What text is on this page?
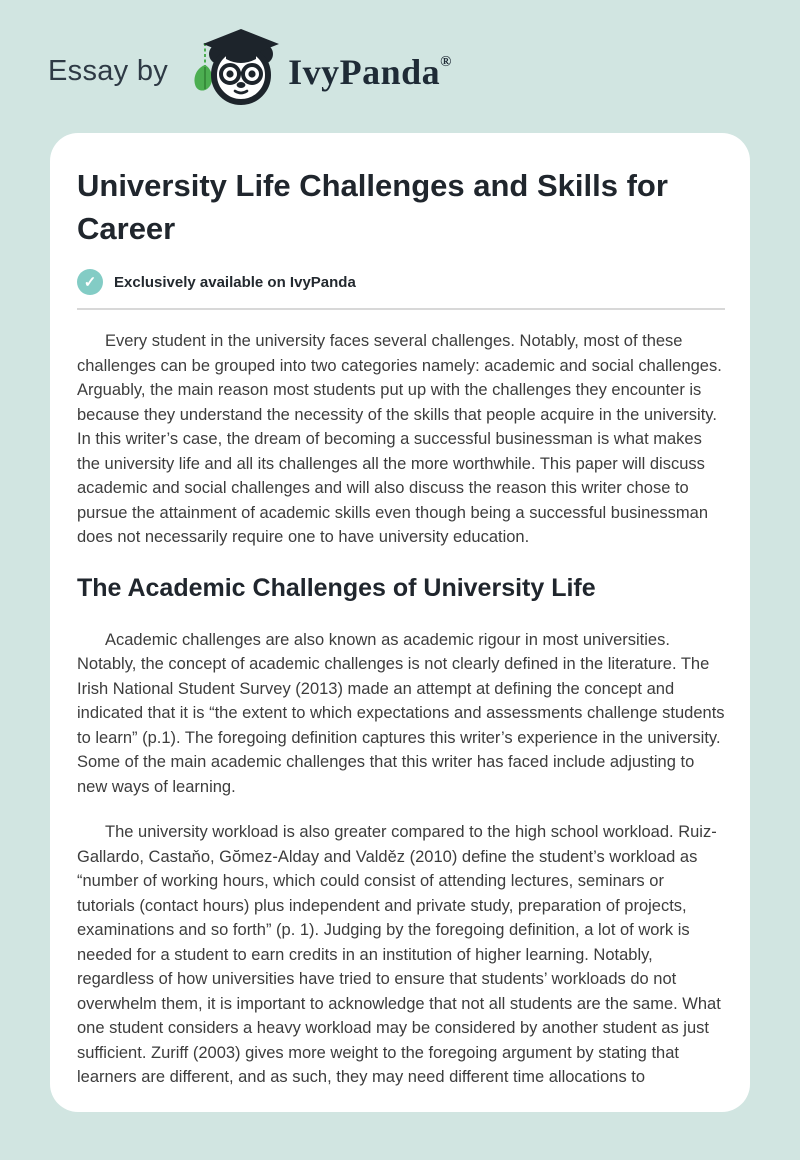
Essay by	IvyPanda®
University Life Challenges and Skills for Career
✓	Exclusively available on IvyPanda

Every student in the university faces several challenges. Notably, most of these challenges can be grouped into two categories namely: academic and social challenges. Arguably, the main reason most students put up with the challenges they encounter is because they understand the necessity of the skills that people acquire in the university. In this writer’s case, the dream of becoming a successful businessman is what makes the university life and all its challenges all the more worthwhile. This paper will discuss academic and social challenges and will also discuss the reason this writer chose to pursue the attainment of academic skills even though being a successful businessman does not necessarily require one to have university education.

The Academic Challenges of University Life

Academic challenges are also known as academic rigour in most universities. Notably, the concept of academic challenges is not clearly defined in the literature. The Irish National Student Survey (2013) made an attempt at defining the concept and indicated that it is “the extent to which expectations and assessments challenge students to learn” (p.1). The foregoing definition captures this writer’s experience in the university. Some of the main academic challenges that this writer has faced include adjusting to new ways of learning.

The university workload is also greater compared to the high school workload. Ruiz-Gallardo, Castaňo, Gŏmez-Alday and Valděz (2010) define the student’s workload as “number of working hours, which could consist of attending lectures, seminars or tutorials (contact hours) plus independent and private study, preparation of projects, examinations and so forth” (p. 1). Judging by the foregoing definition, a lot of work is needed for a student to earn credits in an institution of higher learning. Notably, regardless of how universities have tried to ensure that students’ workloads do not overwhelm them, it is important to acknowledge that not all students are the same. What one student considers a heavy workload may be considered by another student as just sufficient. Zuriff (2003) gives more weight to the foregoing argument by stating that learners are different, and as such, they may need different time allocations to
